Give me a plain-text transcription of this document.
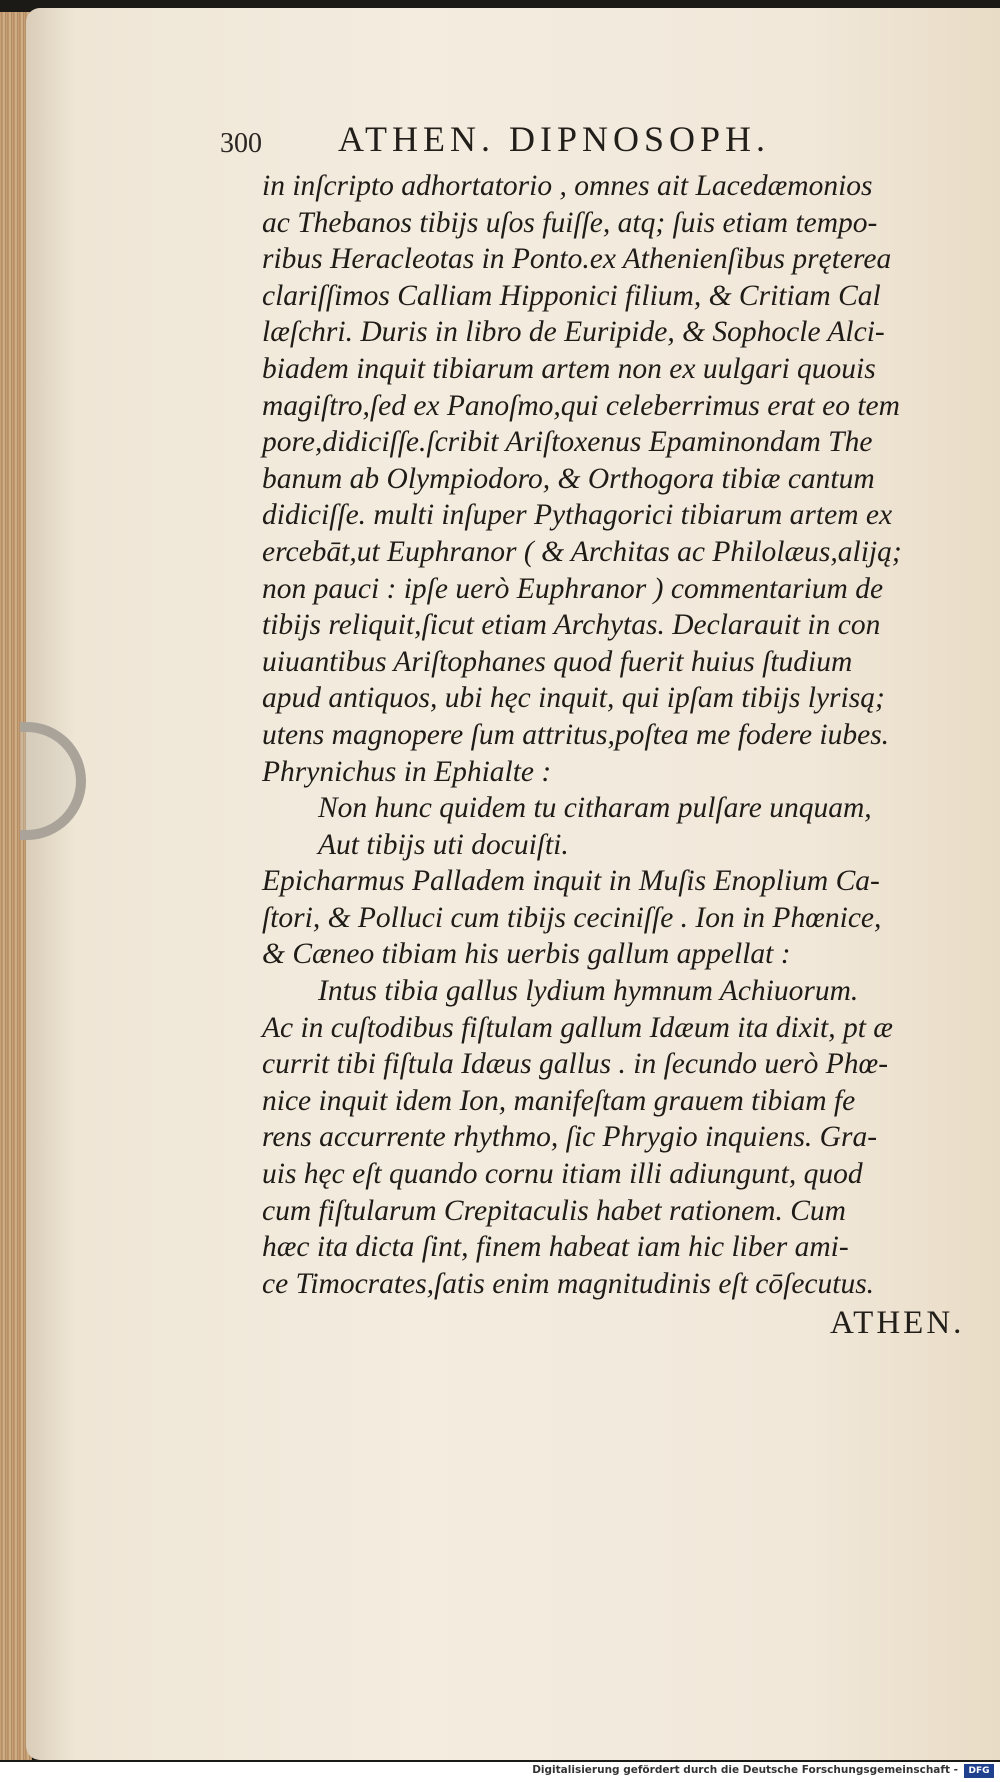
300 ATHEN. DIPNOSOPH.
in inſcripto adhortatorio , omnes ait Lacedæmonios
ac Thebanos tibijs uſos fuiſſe, atq; ſuis etiam tempo-
ribus Heracleotas in Ponto.ex Athenienſibus pręterea
clariſſimos Calliam Hipponici filium, & Critiam Cal
læſchri. Duris in libro de Euripide, & Sophocle Alci-
biadem inquit tibiarum artem non ex uulgari quouis
magiſtro,ſed ex Panoſmo,qui celeberrimus erat eo tem
pore,didiciſſe.ſcribit Ariſtoxenus Epaminondam The
banum ab Olympiodoro, & Orthogora tibiæ cantum
didiciſſe. multi inſuper Pythagorici tibiarum artem ex
ercebāt,ut Euphranor ( & Architas ac Philolæus,aliją;
non pauci : ipſe uerò Euphranor ) commentarium de
tibijs reliquit,ſicut etiam Archytas. Declarauit in con
uiuantibus Ariſtophanes quod fuerit huius ſtudium
apud antiquos, ubi hęc inquit, qui ipſam tibijs lyrisą;
utens magnopere ſum attritus,poſtea me fodere iubes.
Phrynichus in Ephialte :
Non hunc quidem tu citharam pulſare unquam,
Aut tibijs uti docuiſti.
Epicharmus Palladem inquit in Muſis Enoplium Ca-
ſtori, & Polluci cum tibijs ceciniſſe . Ion in Phœnice,
& Cæneo tibiam his uerbis gallum appellat :
Intus tibia gallus lydium hymnum Achiuorum.
Ac in cuſtodibus fiſtulam gallum Idæum ita dixit, pt æ
currit tibi fiſtula Idæus gallus . in ſecundo uerò Phœ-
nice inquit idem Ion, manifeſtam grauem tibiam fe
rens accurrente rhythmo, ſic Phrygio inquiens. Gra-
uis hęc eſt quando cornu itiam illi adiungunt, quod
cum fiſtularum Crepitaculis habet rationem. Cum
hæc ita dicta ſint, finem habeat iam hic liber ami-
ce Timocrates,ſatis enim magnitudinis eſt cōſecutus.
ATHEN.
Digitalisierung gefördert durch die Deutsche Forschungsgemeinschaft -	DFG
